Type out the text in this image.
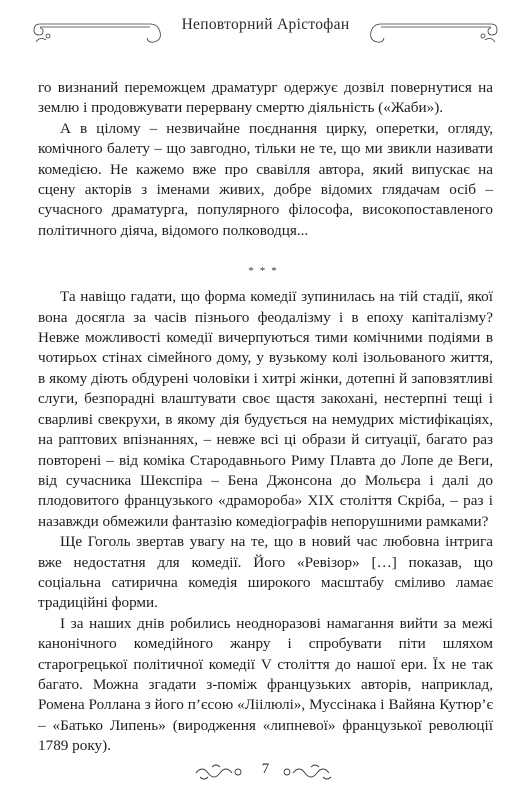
Неповторний Арістофан

го визнаний переможцем драматург одержує дозвіл повернутися на землю і продовжувати перервану смертю діяльність («Жаби»).

А в цілому – незвичайне поєднання цирку, оперетки, огляду, комічного балету – що завгодно, тільки не те, що ми звикли називати комедією. Не кажемо вже про свавілля автора, який випускає на сцену акторів з іменами живих, добре відомих глядачам осіб – сучасного драматурга, популярного філософа, високопоставленого політичного діяча, відомого полководця...

***

Та навіщо гадати, що форма комедії зупинилась на тій стадії, якої вона досягла за часів пізнього феодалізму і в епоху капіталізму? Невже можливості комедії вичерпуються тими комічними подіями в чотирьох стінах сімейного дому, у вузькому колі ізольованого життя, в якому діють обдурені чоловіки і хитрі жінки, дотепні й заповзятливі слуги, безпорадні влаштувати своє щастя закохані, нестерпні тещі і сварливі свекрухи, в якому дія будується на немудрих містифікаціях, на раптових впізнаннях, – невже всі ці образи й ситуації, багато раз повторені – від коміка Стародавнього Риму Плавта до Лопе де Веги, від сучасника Шекспіра – Бена Джонсона до Мольєра і далі до плодовитого французького «драмороба» XIX століття Скріба, – раз і назавжди обмежили фантазію комедіографів непорушними рамками?

Ще Гоголь звертав увагу на те, що в новий час любовна інтрига вже недостатня для комедії. Його «Ревізор» […] показав, що соціальна сатирична комедія широкого масштабу сміливо ламає традиційні форми.

І за наших днів робились неодноразові намагання вийти за межі канонічного комедійного жанру і спробувати піти шляхом старогрецької політичної комедії V століття до нашої ери. Їх не так багато. Можна згадати з-поміж французьких авторів, наприклад, Ромена Роллана з його п’єсою «Ліілюлі», Муссінака і Вайяна Кутюр’є – «Батько Липень» (виродження «липневої» французької революції 1789 року).

7
